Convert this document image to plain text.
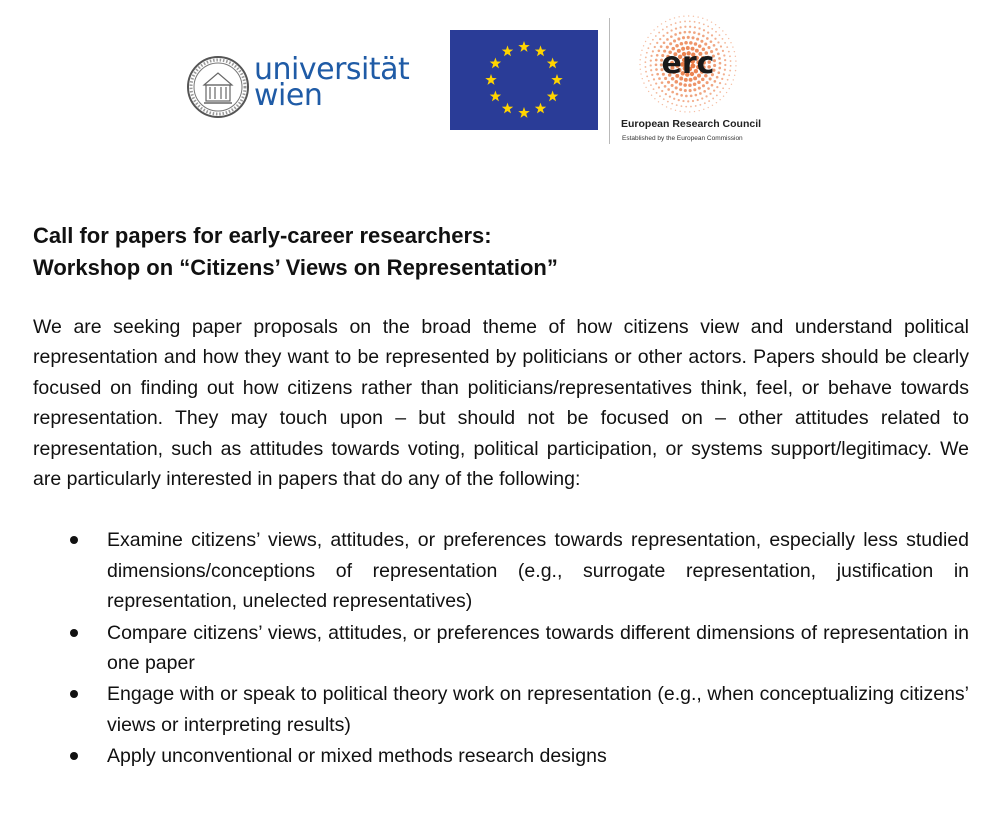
universität
wien
erc
European Research Council
Established by the European Commission
Call for papers for early-career researchers:
Workshop on “Citizens’ Views on Representation”

We are seeking paper proposals on the broad theme of how citizens view and understand political representation and how they want to be represented by politicians or other actors. Papers should be clearly focused on finding out how citizens rather than politicians/representatives think, feel, or behave towards representation. They may touch upon – but should not be focused on – other attitudes related to representation, such as attitudes towards voting, political participation, or systems support/legitimacy. We are particularly interested in papers that do any of the following:

Examine citizens’ views, attitudes, or preferences towards representation, especially less studied dimensions/conceptions of representation (e.g., surrogate representation, justification in representation, unelected representatives)
Compare citizens’ views, attitudes, or preferences towards different dimensions of representation in one paper
Engage with or speak to political theory work on representation (e.g., when conceptualizing citizens’ views or interpreting results)
Apply unconventional or mixed methods research designs
